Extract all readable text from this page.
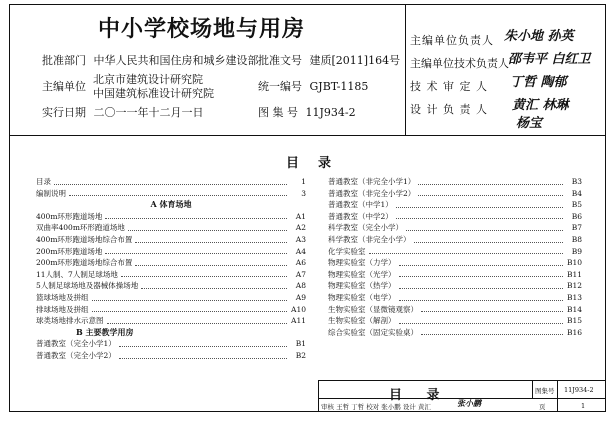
中小学校场地与用房
批准部门 中华人民共和国住房和城乡建设部 批准文号 建质[2011]164号
主编单位
北京市建筑设计研究院
中国建筑标准设计研究院
统一编号 GJBT-1185
实行日期 二〇一一年十二月一日	图 集 号 11J934-2
主编单位负责人 朱小地 孙英
主编单位技术负责人 邵韦平 白红卫
技 术 审 定 人 丁哲 陶郁
设 计 负 责 人 黄汇 林琳
杨宝
目 录
目录	1
编制说明	3
A 体育场地
400m环形跑道场地	A1
双曲率400m环形跑道场地	A2
400m环形跑道场地综合布置	A3
200m环形跑道场地	A4
200m环形跑道场地综合布置	A6
11人制、7人制足球场地	A7
5人制足球场地及器械体操场地	A8
篮球场地及拼组	A9
排球场地及拼组	A10
球类场地排水示意图	A11
B 主要教学用房
普通教室（完全小学1）	B1
普通教室（完全小学2）	B2
普通教室（非完全小学1）	B3
普通教室（非完全小学2）	B4
普通教室（中学1）	B5
普通教室（中学2）	B6
科学教室（完全小学）	B7
科学教室（非完全小学）	B8
化学实验室	B9
物理实验室（力学）	B10
物理实验室（光学）	B11
物理实验室（热学）	B12
物理实验室（电学）	B13
生物实验室（显微镜观察）	B14
生物实验室（解剖）	B15
综合实验室（固定实验桌）	B16
目 录	图集号 11J934-2
审核 王哲 丁哲 校对 张小鹏 设计 黄汇	页	1
张小鹏
